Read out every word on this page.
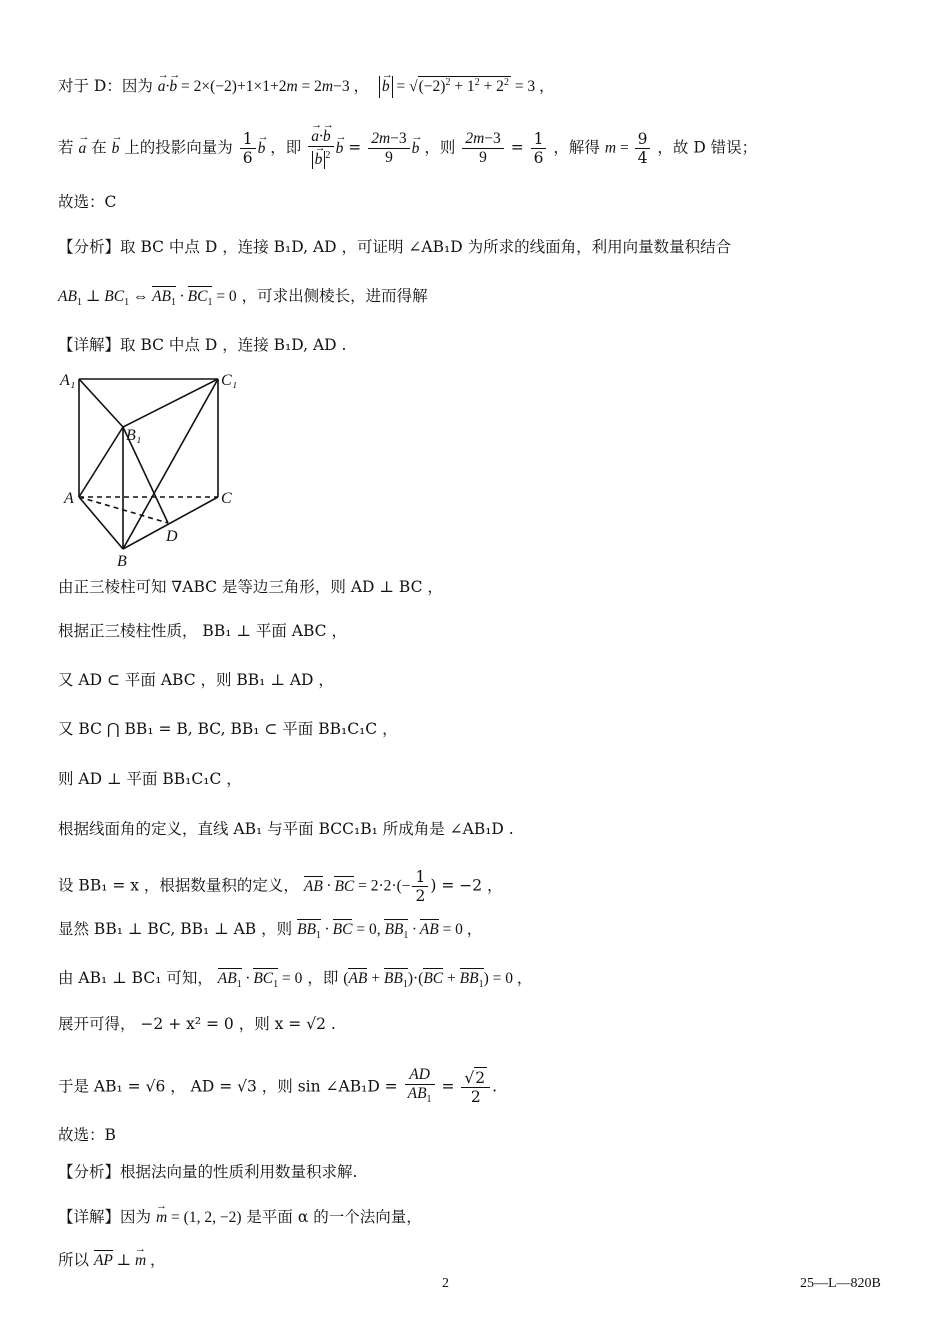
对于 D：因为 → a·→ b = 2×(−2)+1×1+2m = 2m−3 ， → $b = √(-2)^2 + 1^2 + 2^2 = 3$ ，
若 → a 在 → b 上的投影向量为 $\frac{1}{6}$
→ b ，即
→ a·→ b
→ b $^2$
→ $b = \frac{2m-3}{9}$
→ b ，则 $\frac{2m-3}{9} = \frac{1}{6}$ ，解得 $m = \frac{9}{4}$ ，故 D 错误；
故选：C
【分析】取 BC 中点 D ，连接 B₁D, AD ，可证明 ∠AB₁D 为所求的线面角，利用向量数量积结合
$AB_1$ ⊥ $BC_1$ ⇔ $AB_1 \cdot BC_1 = 0$ ，可求出侧棱长，进而得解
【详解】取 BC 中点 D ，连接 B₁D, AD .
A₁	C₁
B₁
A	C
D
B
由正三棱柱可知 ∇ABC 是等边三角形，则 AD ⊥ BC ，
根据正三棱柱性质， BB₁ ⊥ 平面 ABC ，
又 AD ⊂ 平面 ABC ，则 BB₁ ⊥ AD ，
又 BC ⋂ BB₁ = B, BC, BB₁ ⊂ 平面 BB₁C₁C ，
则 AD ⊥ 平面 BB₁C₁C ，
根据线面角的定义，直线 AB₁ 与平面 BCC₁B₁ 所成角是 ∠AB₁D .
设 BB₁ = x ，根据数量积的定义， AB · BC = $2\cdot 2\cdot(- \frac{1}{2}$ ) = −2 ，
显然 BB₁ ⊥ BC, BB₁ ⊥ AB ，则 $BB_1$ · BC = 0, $BB_1$ · AB = 0 ，
由 AB₁ ⊥ BC₁ 可知， $AB_1 \cdot BC_1 = 0$ ，即 $(AB + BB_1)\cdot(BC + BB_1) = 0$ ，
展开可得， −2 + x² = 0 ，则 x = √2 .
于是 AB₁ = √6 ， AD = √3 ，则 sin ∠AB₁D = $\frac{AD}{AB_1} = \frac{√2}{2}$ .
故选：B
【分析】根据法向量的性质利用数量积求解.
【详解】因为 → m = (1, 2, −2) 是平面 α 的一个法向量，
所以 AP ⊥ → m ，
2	25—L—820B
